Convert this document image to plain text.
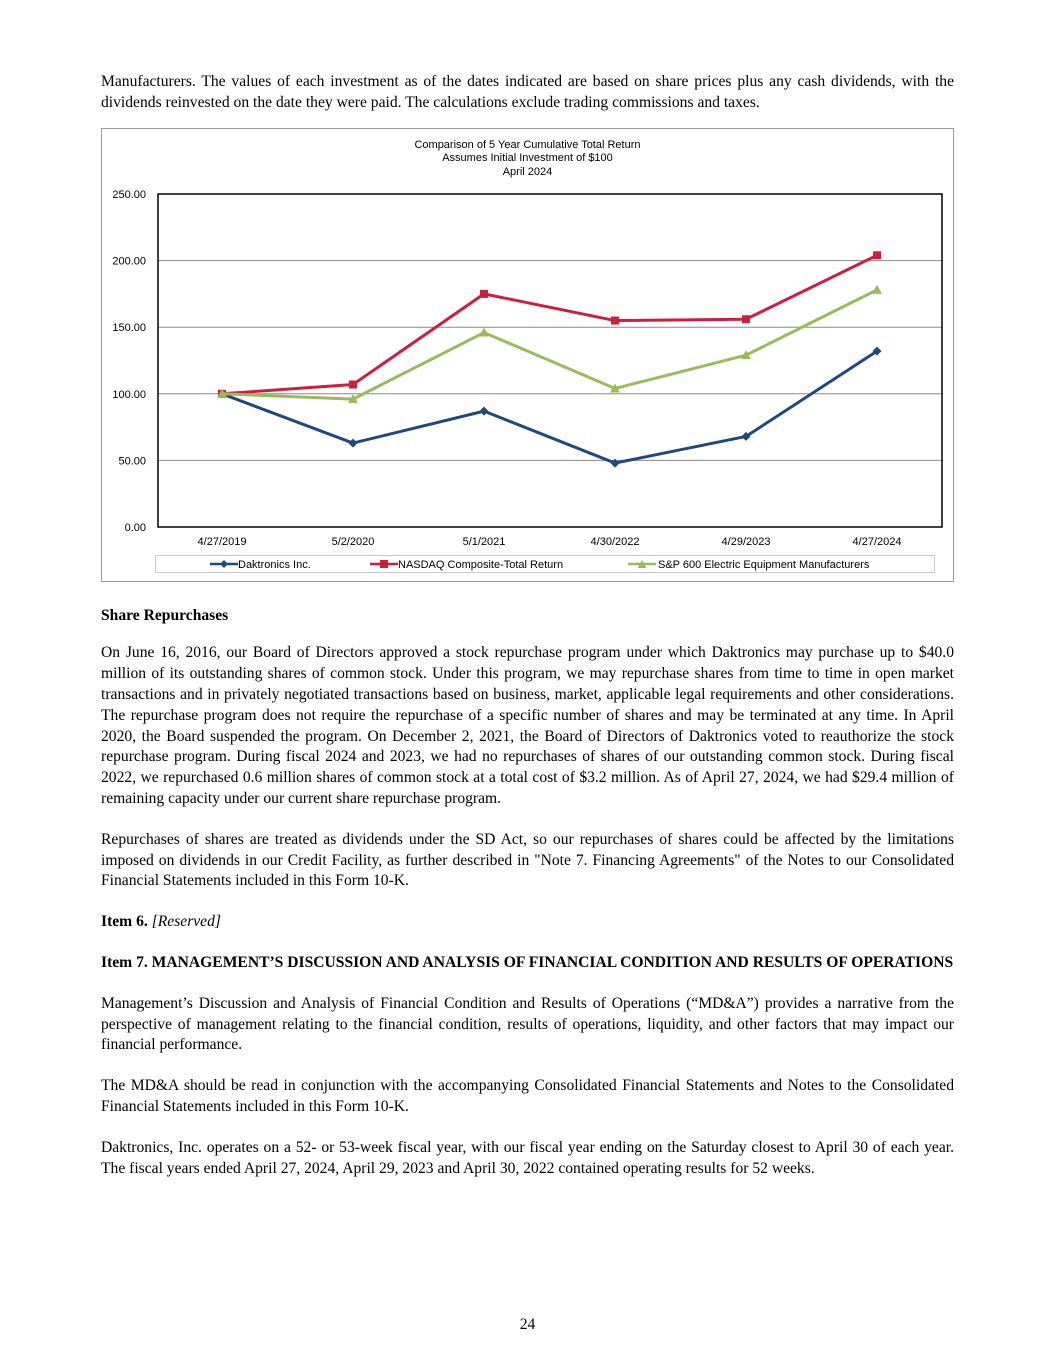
Manufacturers. The values of each investment as of the dates indicated are based on share prices plus any cash dividends, with the dividends reinvested on the date they were paid. The calculations exclude trading commissions and taxes.

Comparison of 5 Year Cumulative Total Return
Assumes Initial Investment of $100
April 2024
250.00
200.00
150.00
100.00
50.00
0.00
4/27/2019	5/2/2020	5/1/2021	4/30/2022	4/29/2023	4/27/2024
Daktronics Inc.	NASDAQ Composite-Total Return	S&P 600 Electric Equipment Manufacturers
Share Repurchases

On June 16, 2016, our Board of Directors approved a stock repurchase program under which Daktronics may purchase up to $40.0 million of its outstanding shares of common stock. Under this program, we may repurchase shares from time to time in open market transactions and in privately negotiated transactions based on business, market, applicable legal requirements and other considerations. The repurchase program does not require the repurchase of a specific number of shares and may be terminated at any time. In April 2020, the Board suspended the program. On December 2, 2021, the Board of Directors of Daktronics voted to reauthorize the stock repurchase program. During fiscal 2024 and 2023, we had no repurchases of shares of our outstanding common stock. During fiscal 2022, we repurchased 0.6 million shares of common stock at a total cost of $3.2 million. As of April 27, 2024, we had $29.4 million of remaining capacity under our current share repurchase program.

Repurchases of shares are treated as dividends under the SD Act, so our repurchases of shares could be affected by the limitations imposed on dividends in our Credit Facility, as further described in "Note 7. Financing Agreements" of the Notes to our Consolidated Financial Statements included in this Form 10-K.

Item 6. [Reserved]
Item 7. MANAGEMENT’S DISCUSSION AND ANALYSIS OF FINANCIAL CONDITION AND RESULTS OF OPERATIONS

Management’s Discussion and Analysis of Financial Condition and Results of Operations (“MD&A”) provides a narrative from the perspective of management relating to the financial condition, results of operations, liquidity, and other factors that may impact our financial performance.

The MD&A should be read in conjunction with the accompanying Consolidated Financial Statements and Notes to the Consolidated Financial Statements included in this Form 10-K.

Daktronics, Inc. operates on a 52- or 53-week fiscal year, with our fiscal year ending on the Saturday closest to April 30 of each year. The fiscal years ended April 27, 2024, April 29, 2023 and April 30, 2022 contained operating results for 52 weeks.

24
